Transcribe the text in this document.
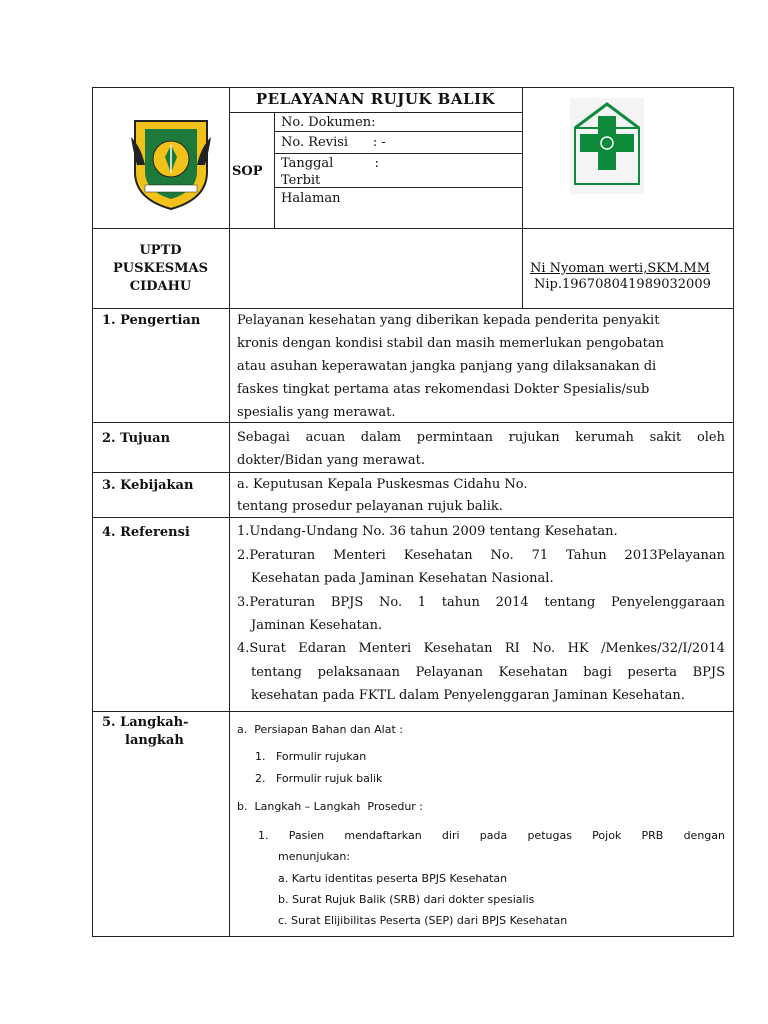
PELAYANAN RUJUK BALIK
SOP
No. Dokumen:
No. Revisi      : -
Tanggal          :
Terbit
Halaman
UPTD
PUSKESMAS
CIDAHU
Ni Nyoman werti,SKM.MM
Nip.196708041989032009
1. Pengertian
2. Tujuan
3. Kebijakan
4. Referensi
5. Langkah-
langkah
Pelayanan kesehatan yang diberikan kepada penderita penyakit
kronis dengan kondisi stabil dan masih memerlukan pengobatan
atau asuhan keperawatan jangka panjang yang dilaksanakan di
faskes tingkat pertama atas rekomendasi Dokter Spesialis/sub
spesialis yang merawat.
Sebagai acuan dalam permintaan rujukan kerumah sakit oleh
dokter/Bidan yang merawat.
a. Keputusan Kepala Puskesmas Cidahu No.
tentang prosedur pelayanan rujuk balik.
1.Undang-Undang No. 36 tahun 2009 tentang Kesehatan.
2.Peraturan Menteri Kesehatan No. 71 Tahun 2013Pelayanan
Kesehatan pada Jaminan Kesehatan Nasional.
3.Peraturan BPJS No. 1 tahun 2014 tentang Penyelenggaraan
Jaminan Kesehatan.
4.Surat Edaran Menteri Kesehatan RI No. HK /Menkes/32/I/2014
tentang pelaksanaan Pelayanan Kesehatan bagi peserta BPJS
kesehatan pada FKTL dalam Penyelenggaran Jaminan Kesehatan.
a.  Persiapan Bahan dan Alat :
1.   Formulir rujukan
2.   Formulir rujuk balik
b.  Langkah – Langkah  Prosedur :
1. Pasien mendaftarkan diri pada petugas Pojok PRB dengan
menunjukan:
a. Kartu identitas peserta BPJS Kesehatan
b. Surat Rujuk Balik (SRB) dari dokter spesialis
c. Surat Elijibilitas Peserta (SEP) dari BPJS Kesehatan
